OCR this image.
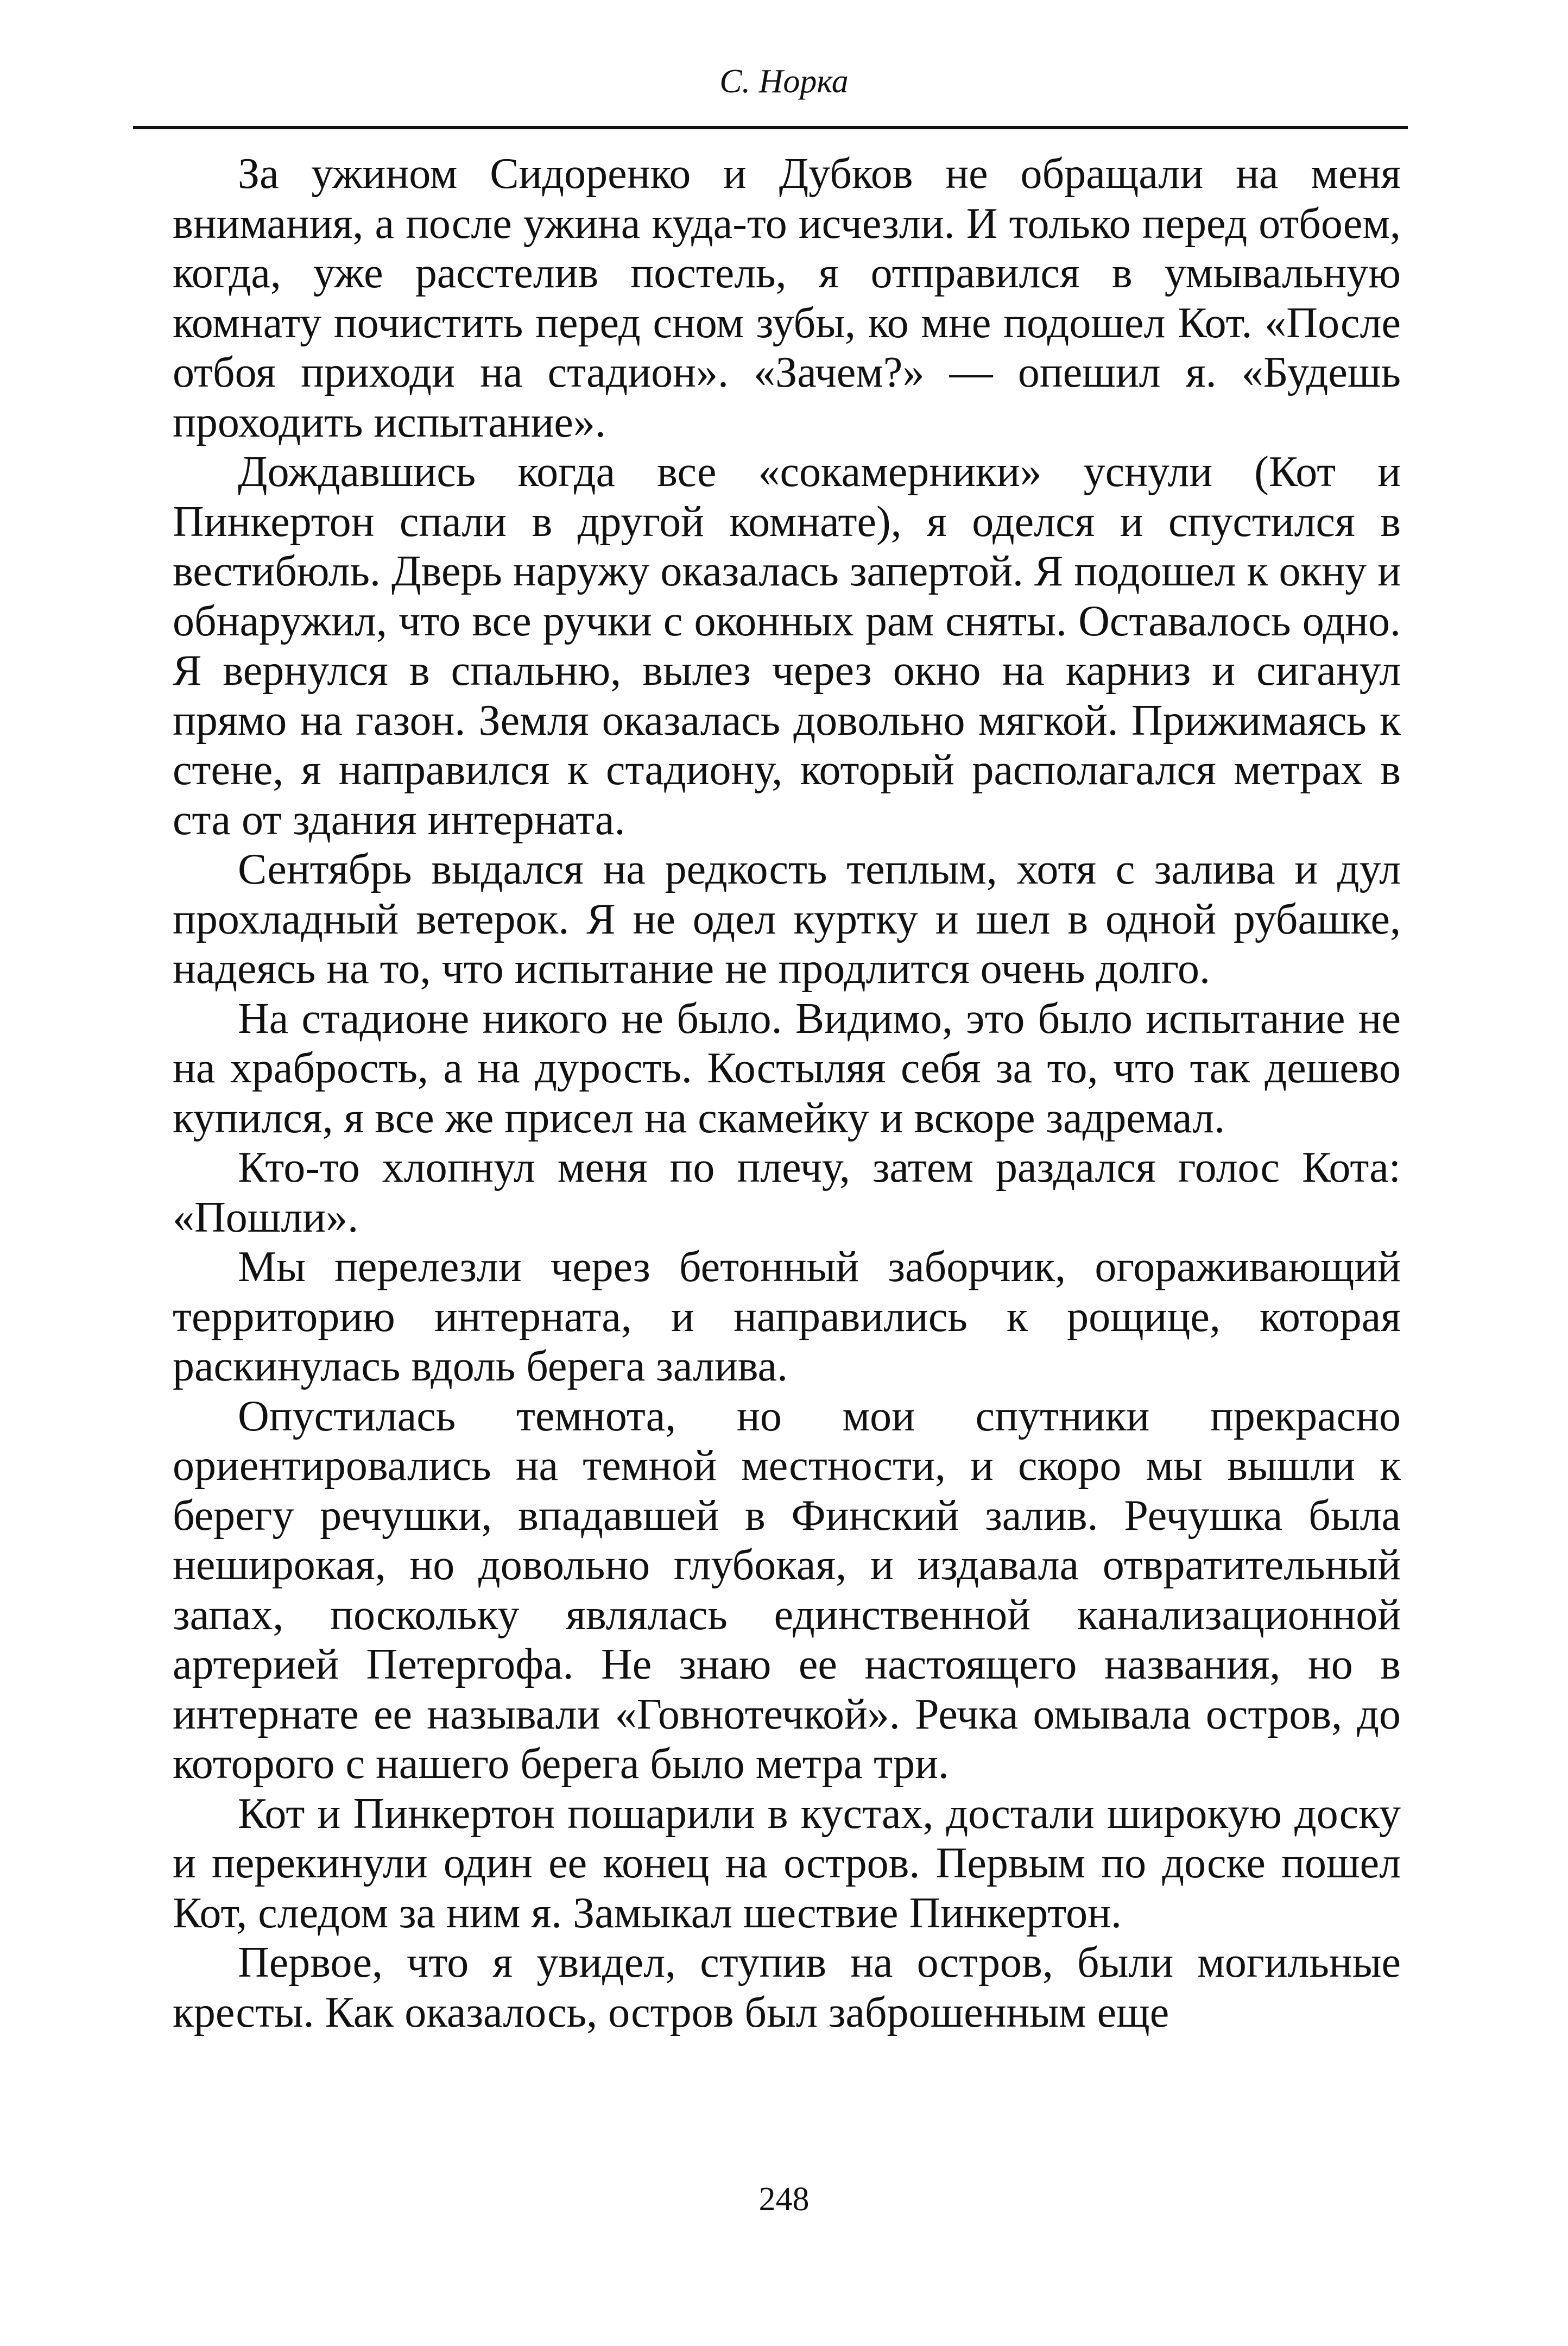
С. Норка

За ужином Сидоренко и Дубков не обращали на меня внимания, а после ужина куда-то исчезли. И только перед отбоем, когда, уже расстелив постель, я отправился в умывальную комнату почистить перед сном зубы, ко мне подошел Кот. «После отбоя приходи на стадион». «Зачем?» — опешил я. «Будешь проходить испытание».

Дождавшись когда все «сокамерники» уснули (Кот и Пинкертон спали в другой комнате), я оделся и спустился в вестибюль. Дверь наружу оказалась запертой. Я подошел к окну и обнаружил, что все ручки с оконных рам сняты. Оставалось одно. Я вернулся в спальню, вылез через окно на карниз и сиганул прямо на газон. Земля оказалась довольно мягкой. Прижимаясь к стене, я направился к стадиону, который располагался метрах в ста от здания интерната.

Сентябрь выдался на редкость теплым, хотя с залива и дул прохладный ветерок. Я не одел куртку и шел в одной рубашке, надеясь на то, что испытание не продлится очень долго.

На стадионе никого не было. Видимо, это было испытание не на храбрость, а на дурость. Костыляя себя за то, что так дешево купился, я все же присел на скамейку и вскоре задремал.

Кто-то хлопнул меня по плечу, затем раздался голос Кота: «Пошли».

Мы перелезли через бетонный заборчик, огораживающий территорию интерната, и направились к рощице, которая раскинулась вдоль берега залива.

Опустилась темнота, но мои спутники прекрасно ориентировались на темной местности, и скоро мы вышли к берегу речушки, впадавшей в Финский залив. Речушка была неширокая, но довольно глубокая, и издавала отвратительный запах, поскольку являлась единственной канализационной артерией Петергофа. Не знаю ее настоящего названия, но в интернате ее называли «Говнотечкой». Речка омывала остров, до которого с нашего берега было метра три.

Кот и Пинкертон пошарили в кустах, достали широкую доску и перекинули один ее конец на остров. Первым по доске пошел Кот, следом за ним я. Замыкал шествие Пинкертон.

Первое, что я увидел, ступив на остров, были могильные кресты. Как оказалось, остров был заброшенным еще

248
